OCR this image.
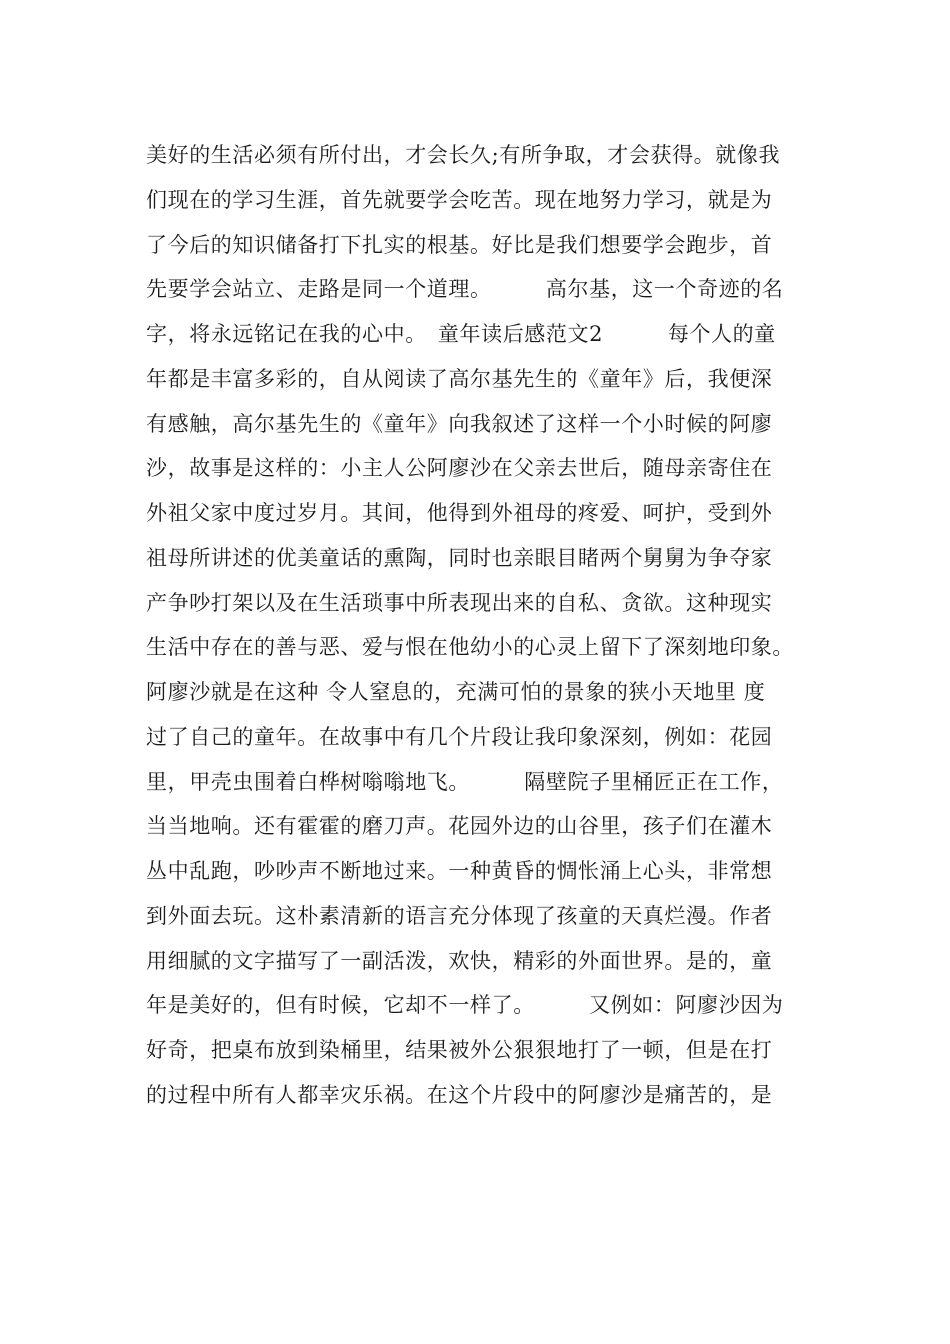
美好的生活必须有所付出，才会长久;有所争取，才会获得。就像我
们现在的学习生涯，首先就要学会吃苦。现在地努力学习，就是为
了今后的知识储备打下扎实的根基。好比是我们想要学会跑步，首
先要学会站立、走路是同一个道理。　　　高尔基，这一个奇迹的名
字，将永远铭记在我的心中。　童年读后感范文2　　　每个人的童
年都是丰富多彩的，自从阅读了高尔基先生的《童年》后，我便深
有感触，高尔基先生的《童年》向我叙述了这样一个小时候的阿廖
沙，故事是这样的：小主人公阿廖沙在父亲去世后，随母亲寄住在
外祖父家中度过岁月。其间，他得到外祖母的疼爱、呵护，受到外
祖母所讲述的优美童话的熏陶，同时也亲眼目睹两个舅舅为争夺家
产争吵打架以及在生活琐事中所表现出来的自私、贪欲。这种现实
生活中存在的善与恶、爱与恨在他幼小的心灵上留下了深刻地印象。
阿廖沙就是在这种 令人窒息的，充满可怕的景象的狭小天地里 度
过了自己的童年。在故事中有几个片段让我印象深刻，例如：花园
里，甲壳虫围着白桦树嗡嗡地飞。　　　隔壁院子里桶匠正在工作，
当当地响。还有霍霍的磨刀声。花园外边的山谷里，孩子们在灌木
丛中乱跑，吵吵声不断地过来。一种黄昏的惆怅涌上心头，非常想
到外面去玩。这朴素清新的语言充分体现了孩童的天真烂漫。作者
用细腻的文字描写了一副活泼，欢快，精彩的外面世界。是的，童
年是美好的，但有时候，它却不一样了。　　　又例如：阿廖沙因为
好奇，把桌布放到染桶里，结果被外公狠狠地打了一顿，但是在打
的过程中所有人都幸灾乐祸。在这个片段中的阿廖沙是痛苦的，是
